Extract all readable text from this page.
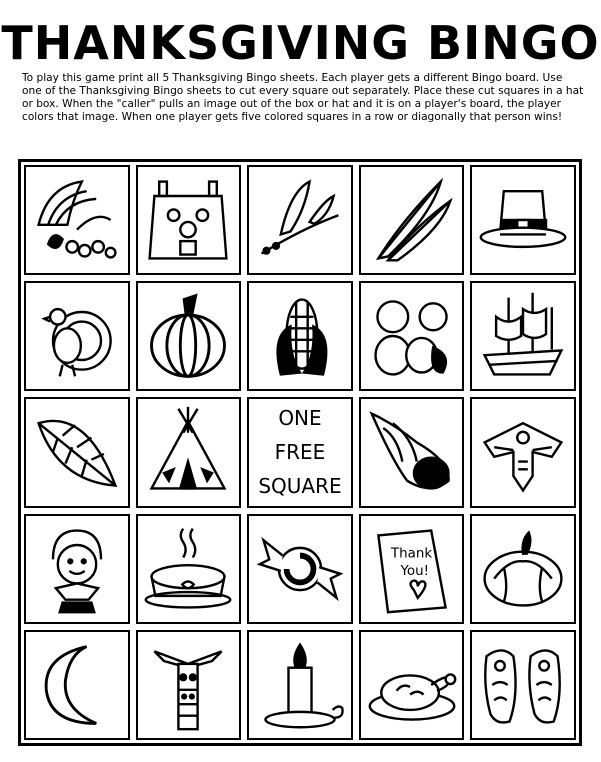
THANKSGIVING BINGO
To play this game print all 5 Thanksgiving Bingo sheets. Each player gets a different Bingo board. Use one of the Thanksgiving Bingo sheets to cut every square out separately. Place these cut squares in a hat or box. When the "caller" pulls an image out of the box or hat and it is on a player's board, the player colors that image. When one player gets five colored squares in a row or diagonally that person wins!
ONE
FREE
SQUARE
Thank
You!
